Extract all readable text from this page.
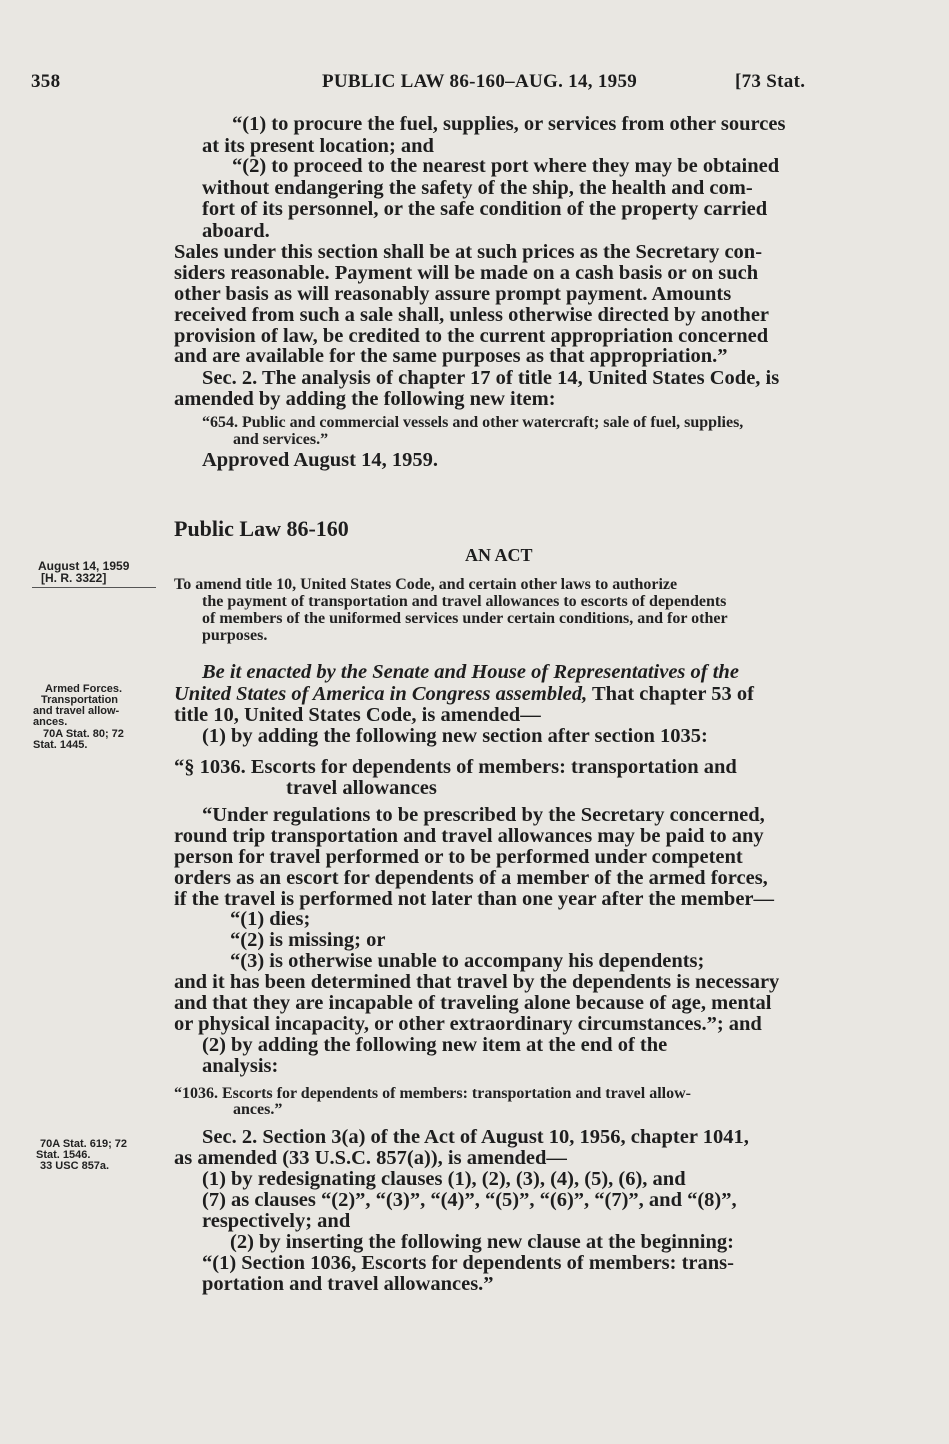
358	PUBLIC LAW 86-160–AUG. 14, 1959	[73 Stat.
“(1) to procure the fuel, supplies, or services from other sources
at its present location; and
“(2) to proceed to the nearest port where they may be obtained
without endangering the safety of the ship, the health and com-
fort of its personnel, or the safe condition of the property carried
aboard.
Sales under this section shall be at such prices as the Secretary con-
siders reasonable. Payment will be made on a cash basis or on such
other basis as will reasonably assure prompt payment. Amounts
received from such a sale shall, unless otherwise directed by another
provision of law, be credited to the current appropriation concerned
and are available for the same purposes as that appropriation.”
Sec. 2. The analysis of chapter 17 of title 14, United States Code, is
amended by adding the following new item:
“654. Public and commercial vessels and other watercraft; sale of fuel, supplies,
and services.”
Approved August 14, 1959.
Public Law 86-160
AN ACT
August 14, 1959
[H. R. 3322]	To amend title 10, United States Code, and certain other laws to authorize
the payment of transportation and travel allowances to escorts of dependents
of members of the uniformed services under certain conditions, and for other
purposes.
Armed Forces.
Transportation
and travel allow-
ances.
70A Stat. 80; 72
Stat. 1445.
Be it enacted by the Senate and House of Representatives of the
United States of America in Congress assembled, That chapter 53 of
title 10, United States Code, is amended—
(1) by adding the following new section after section 1035:
“§ 1036. Escorts for dependents of members: transportation and
travel allowances
“Under regulations to be prescribed by the Secretary concerned,
round trip transportation and travel allowances may be paid to any
person for travel performed or to be performed under competent
orders as an escort for dependents of a member of the armed forces,
if the travel is performed not later than one year after the member—
“(1) dies;
“(2) is missing; or
“(3) is otherwise unable to accompany his dependents;
and it has been determined that travel by the dependents is necessary
and that they are incapable of traveling alone because of age, mental
or physical incapacity, or other extraordinary circumstances.”; and
(2) by adding the following new item at the end of the
analysis:
“1036. Escorts for dependents of members: transportation and travel allow-
ances.”
70A Stat. 619; 72
Stat. 1546.
33 USC 857a.
Sec. 2. Section 3(a) of the Act of August 10, 1956, chapter 1041,
as amended (33 U.S.C. 857(a)), is amended—
(1) by redesignating clauses (1), (2), (3), (4), (5), (6), and
(7) as clauses “(2)”, “(3)”, “(4)”, “(5)”, “(6)”, “(7)”, and “(8)”,
respectively; and
(2) by inserting the following new clause at the beginning:
“(1) Section 1036, Escorts for dependents of members: trans-
portation and travel allowances.”
